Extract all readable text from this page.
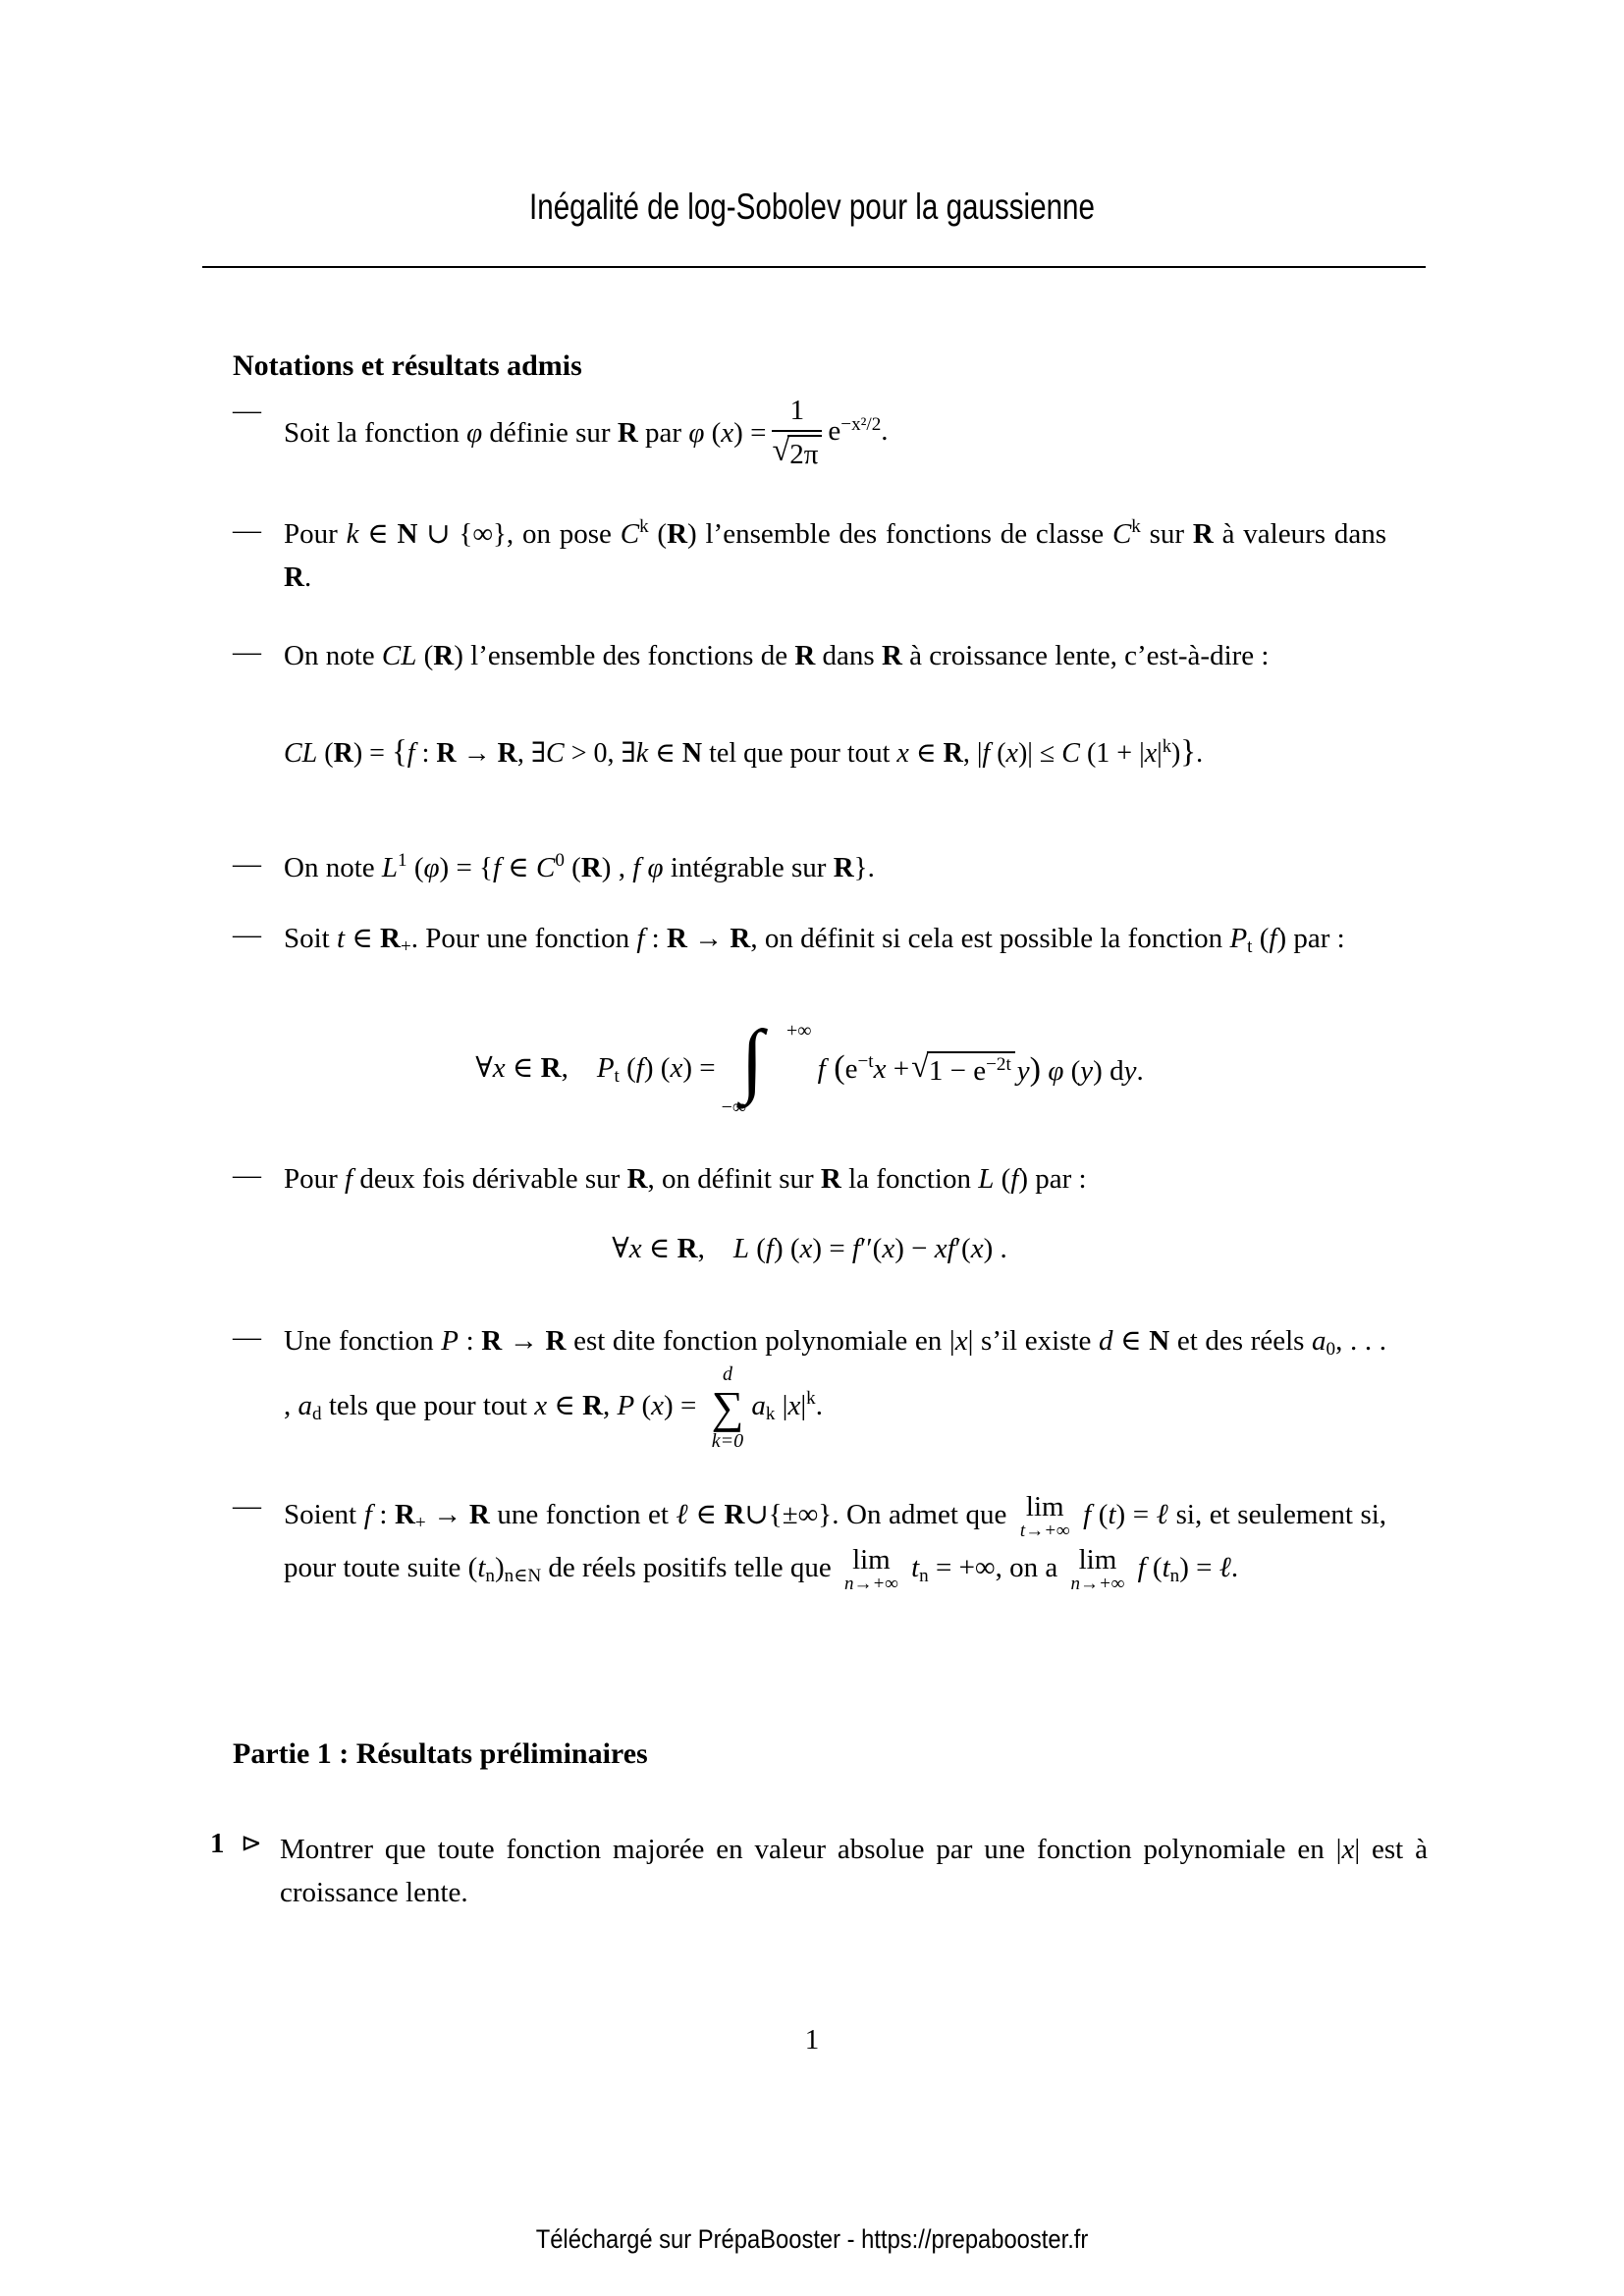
Inégalité de log-Sobolev pour la gaussienne
Notations et résultats admis
—
Soit la fonction φ définie sur R par φ $(x) = \frac{1}{√ 2\pi} e^{-x^2/2}$.
— Pour k ∈ N ∪ {∞}, on pose $C^k$ (R) l’ensemble des fonctions de classe $C^k$ sur R à valeurs dans R.

— On note CL (R) l’ensemble des fonctions de R dans R à croissance lente, c’est-à-dire :

CL (R) = {f : R → R, ∃C > 0, ∃k ∈ N tel que pour tout x ∈ R, |f (x)| ≤ C $(1 + |x|^k)$}.
— On note $L^1$ (φ) = {f ∈ $C^0$ (R) , f φ intégrable sur R}.

— Soit t ∈ R+. Pour une fonction f : R → R, on définit si cela est possible la fonction Pt (f) par :

∀x ∈ R,  Pt (f) (x) =
+∞
∫
−∞
f ($e^{-t}x$ + √ $1 - e^{-2t}$ y) φ (y) dy.
— Pour f deux fois dérivable sur R, on définit sur R la fonction L (f) par :

∀x ∈ R,  L (f) (x) = f′′(x) − xf′(x) .
— Une fonction P : R → R est dite fonction polynomiale en |x| s’il existe d ∈ N et des réels a0, . . . , ad tels que pour tout x ∈ R, P (x) =
d
∑
k=0
ak $|x|^k$.

— Soient f : R+ → R une fonction et ℓ ∈ R∪{±∞}. On admet que lim
t→+∞
f (t) = ℓ si, et seulement si, pour toute suite (tn)n∈N de réels positifs telle que lim
n→+∞
tn = +∞, on a lim
n→+∞
f (tn) = ℓ.

Partie 1 : Résultats préliminaires
1 ⊳ Montrer que toute fonction majorée en valeur absolue par une fonction polynomiale en |x| est à croissance lente.

1
Téléchargé sur PrépaBooster - https://prepabooster.fr
